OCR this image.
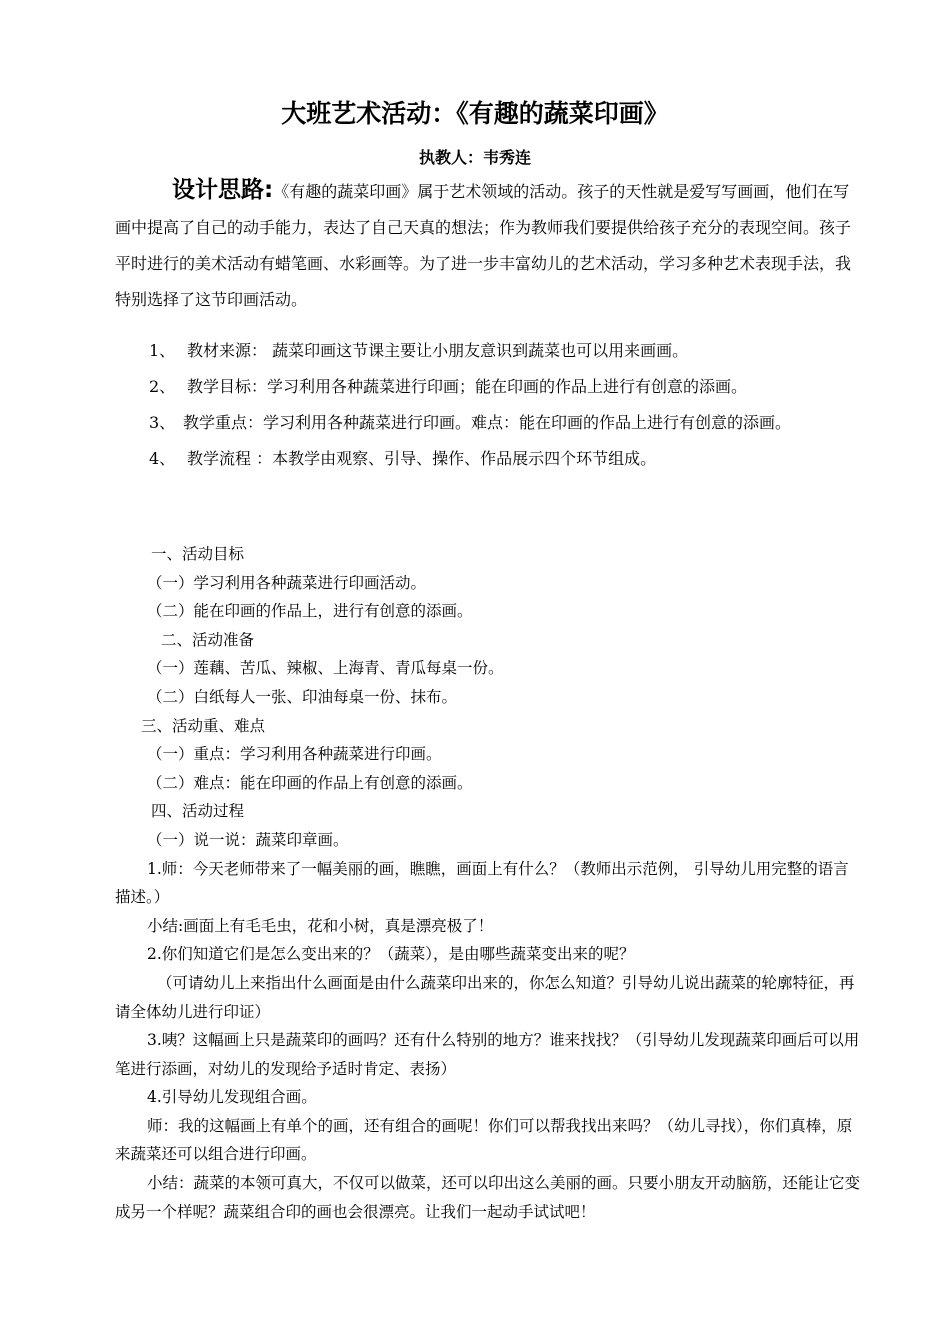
大班艺术活动：《有趣的蔬菜印画》
执教人：韦秀连
设计思路:《有趣的蔬菜印画》属于艺术领域的活动。孩子的天性就是爱写写画画，他们在写画中提高了自己的动手能力，表达了自己天真的想法；作为教师我们要提供给孩子充分的表现空间。孩子平时进行的美术活动有蜡笔画、水彩画等。为了进一步丰富幼儿的艺术活动，学习多种艺术表现手法，我特别选择了这节印画活动。

1、 教材来源： 蔬菜印画这节课主要让小朋友意识到蔬菜也可以用来画画。

2、 教学目标：学习利用各种蔬菜进行印画；能在印画的作品上进行有创意的添画。

3、 教学重点：学习利用各种蔬菜进行印画。难点：能在印画的作品上进行有创意的添画。

4、 教学流程 ：本教学由观察、引导、操作、作品展示四个环节组成。

一、活动目标

（一）学习利用各种蔬菜进行印画活动。

（二）能在印画的作品上，进行有创意的添画。

二、活动准备

（一）莲藕、苦瓜、辣椒、上海青、青瓜每桌一份。

（二）白纸每人一张、印油每桌一份、抹布。

三、活动重、难点

（一）重点：学习利用各种蔬菜进行印画。

（二）难点：能在印画的作品上有创意的添画。

四、活动过程

（一）说一说：蔬菜印章画。

1.师：今天老师带来了一幅美丽的画，瞧瞧，画面上有什么？（教师出示范例， 引导幼儿用完整的语言描述。）

小结:画面上有毛毛虫，花和小树，真是漂亮极了！

2.你们知道它们是怎么变出来的？（蔬菜），是由哪些蔬菜变出来的呢？

（可请幼儿上来指出什么画面是由什么蔬菜印出来的，你怎么知道？引导幼儿说出蔬菜的轮廓特征，再请全体幼儿进行印证）

3.咦？这幅画上只是蔬菜印的画吗？还有什么特别的地方？谁来找找？（引导幼儿发现蔬菜印画后可以用笔进行添画，对幼儿的发现给予适时肯定、表扬）

4.引导幼儿发现组合画。

师：我的这幅画上有单个的画，还有组合的画呢！你们可以帮我找出来吗？（幼儿寻找），你们真棒，原来蔬菜还可以组合进行印画。

小结：蔬菜的本领可真大，不仅可以做菜，还可以印出这么美丽的画。只要小朋友开动脑筋，还能让它变成另一个样呢？蔬菜组合印的画也会很漂亮。让我们一起动手试试吧！
